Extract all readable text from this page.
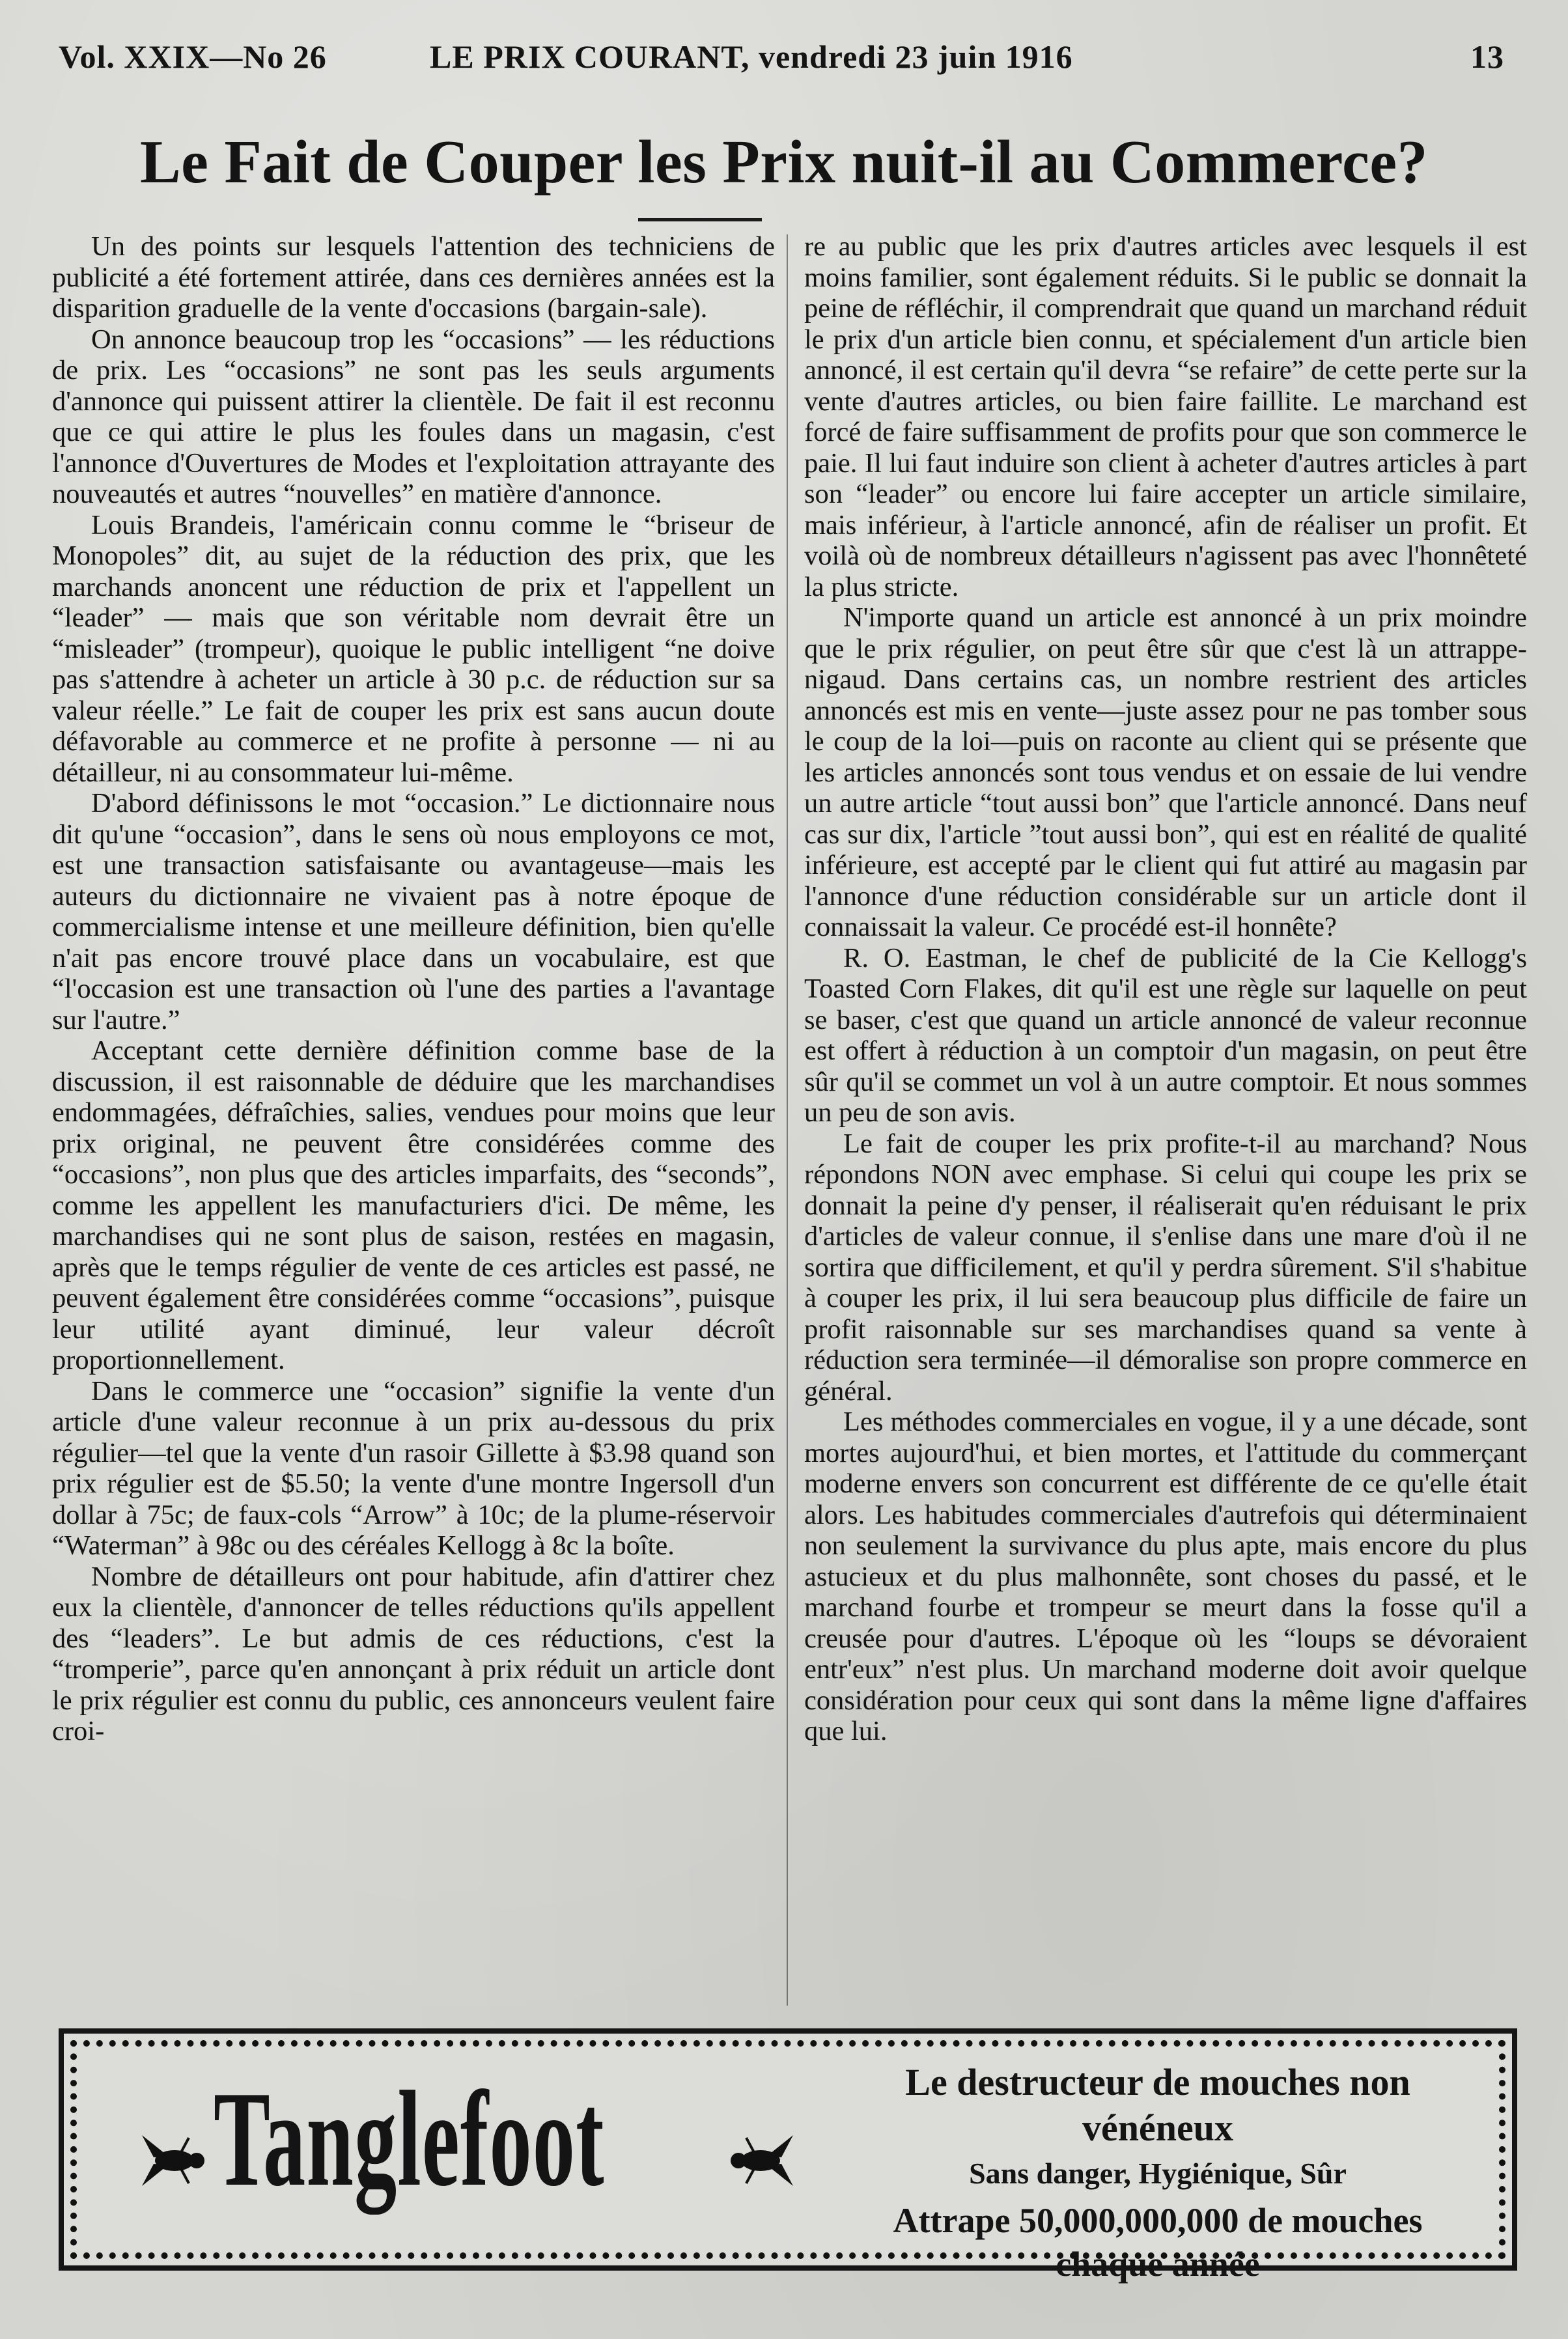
Vol. XXIX—No 26	LE PRIX COURANT, vendredi 23 juin 1916	13
Le Fait de Couper les Prix nuit-il au Commerce?

Un des points sur lesquels l'attention des techniciens de publicité a été fortement attirée, dans ces dernières années est la disparition graduelle de la vente d'occasions (bargain-sale).

On annonce beaucoup trop les “occasions” — les réductions de prix. Les “occasions” ne sont pas les seuls arguments d'annonce qui puissent attirer la clientèle. De fait il est reconnu que ce qui attire le plus les foules dans un magasin, c'est l'annonce d'Ouvertures de Modes et l'exploitation attrayante des nouveautés et autres “nouvelles” en matière d'annonce.

Louis Brandeis, l'américain connu comme le “briseur de Monopoles” dit, au sujet de la réduction des prix, que les marchands anoncent une réduction de prix et l'appellent un “leader” — mais que son véritable nom devrait être un “misleader” (trompeur), quoique le public intelligent “ne doive pas s'attendre à acheter un article à 30 p.c. de réduction sur sa valeur réelle.” Le fait de couper les prix est sans aucun doute défavorable au commerce et ne profite à personne — ni au détailleur, ni au consommateur lui-même.

D'abord définissons le mot “occasion.” Le dictionnaire nous dit qu'une “occasion”, dans le sens où nous employons ce mot, est une transaction satisfaisante ou avantageuse—mais les auteurs du dictionnaire ne vivaient pas à notre époque de commercialisme intense et une meilleure définition, bien qu'elle n'ait pas encore trouvé place dans un vocabulaire, est que “l'occasion est une transaction où l'une des parties a l'avantage sur l'autre.”

Acceptant cette dernière définition comme base de la discussion, il est raisonnable de déduire que les marchandises endommagées, défraîchies, salies, vendues pour moins que leur prix original, ne peuvent être considérées comme des “occasions”, non plus que des articles imparfaits, des “seconds”, comme les appellent les manufacturiers d'ici. De même, les marchandises qui ne sont plus de saison, restées en magasin, après que le temps régulier de vente de ces articles est passé, ne peuvent également être considérées comme “occasions”, puisque leur utilité ayant diminué, leur valeur décroît proportionnellement.

Dans le commerce une “occasion” signifie la vente d'un article d'une valeur reconnue à un prix au-dessous du prix régulier—tel que la vente d'un rasoir Gillette à $3.98 quand son prix régulier est de $5.50; la vente d'une montre Ingersoll d'un dollar à 75c; de faux-cols “Arrow” à 10c; de la plume-réservoir “Waterman” à 98c ou des céréales Kellogg à 8c la boîte.

Nombre de détailleurs ont pour habitude, afin d'attirer chez eux la clientèle, d'annoncer de telles réductions qu'ils appellent des “leaders”. Le but admis de ces réductions, c'est la “tromperie”, parce qu'en annonçant à prix réduit un article dont le prix régulier est connu du public, ces annonceurs veulent faire croi-

re au public que les prix d'autres articles avec lesquels il est moins familier, sont également réduits. Si le public se donnait la peine de réfléchir, il comprendrait que quand un marchand réduit le prix d'un article bien connu, et spécialement d'un article bien annoncé, il est certain qu'il devra “se refaire” de cette perte sur la vente d'autres articles, ou bien faire faillite. Le marchand est forcé de faire suffisamment de profits pour que son commerce le paie. Il lui faut induire son client à acheter d'autres articles à part son “leader” ou encore lui faire accepter un article similaire, mais inférieur, à l'article annoncé, afin de réaliser un profit. Et voilà où de nombreux détailleurs n'agissent pas avec l'honnêteté la plus stricte.

N'importe quand un article est annoncé à un prix moindre que le prix régulier, on peut être sûr que c'est là un attrappe-nigaud. Dans certains cas, un nombre restrient des articles annoncés est mis en vente—juste assez pour ne pas tomber sous le coup de la loi—puis on raconte au client qui se présente que les articles annoncés sont tous vendus et on essaie de lui vendre un autre article “tout aussi bon” que l'article annoncé. Dans neuf cas sur dix, l'article ”tout aussi bon”, qui est en réalité de qualité inférieure, est accepté par le client qui fut attiré au magasin par l'annonce d'une réduction considérable sur un article dont il connaissait la valeur. Ce procédé est-il honnête?

R. O. Eastman, le chef de publicité de la Cie Kellogg's Toasted Corn Flakes, dit qu'il est une règle sur laquelle on peut se baser, c'est que quand un article annoncé de valeur reconnue est offert à réduction à un comptoir d'un magasin, on peut être sûr qu'il se commet un vol à un autre comptoir. Et nous sommes un peu de son avis.

Le fait de couper les prix profite-t-il au marchand? Nous répondons NON avec emphase. Si celui qui coupe les prix se donnait la peine d'y penser, il réaliserait qu'en réduisant le prix d'articles de valeur connue, il s'enlise dans une mare d'où il ne sortira que difficilement, et qu'il y perdra sûrement. S'il s'habitue à couper les prix, il lui sera beaucoup plus difficile de faire un profit raisonnable sur ses marchandises quand sa vente à réduction sera terminée—il démoralise son propre commerce en général.

Les méthodes commerciales en vogue, il y a une décade, sont mortes aujourd'hui, et bien mortes, et l'attitude du commerçant moderne envers son concurrent est différente de ce qu'elle était alors. Les habitudes commerciales d'autrefois qui déterminaient non seulement la survivance du plus apte, mais encore du plus astucieux et du plus malhonnête, sont choses du passé, et le marchand fourbe et trompeur se meurt dans la fosse qu'il a creusée pour d'autres. L'époque où les “loups se dévoraient entr'eux” n'est plus. Un marchand moderne doit avoir quelque considération pour ceux qui sont dans la même ligne d'affaires que lui.

Tanglefoot	Le destructeur de mouches non vénéneux
Sans danger, Hygiénique, Sûr
Attrape 50,000,000,000 de mouches
chaque année
